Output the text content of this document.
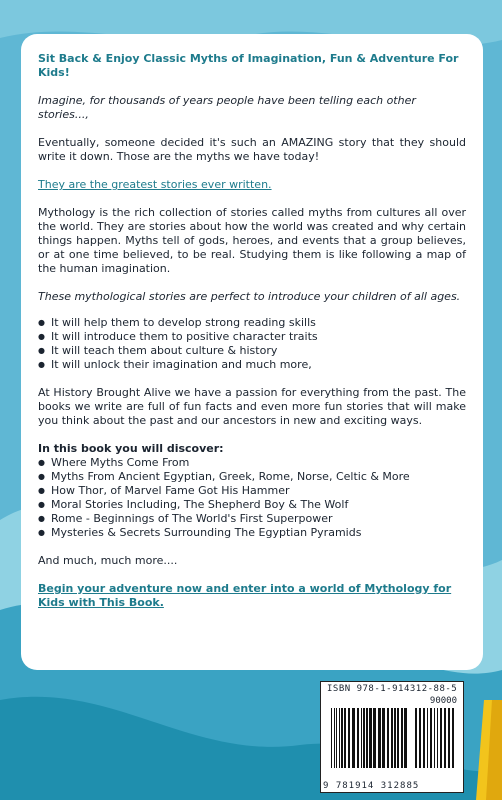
Sit Back & Enjoy Classic Myths of Imagination, Fun & Adventure For Kids!

Imagine, for thousands of years people have been telling each other stories...,

Eventually, someone decided it's such an AMAZING story that they should write it down. Those are the myths we have today!

They are the greatest stories ever written.

Mythology is the rich collection of stories called myths from cultures all over the world. They are stories about how the world was created and why certain things happen. Myths tell of gods, heroes, and events that a group believes, or at one time believed, to be real. Studying them is like following a map of the human imagination.

These mythological stories are perfect to introduce your children of all ages.

● It will help them to develop strong reading skills
● It will introduce them to positive character traits
● It will teach them about culture & history
● It will unlock their imagination and much more,

At History Brought Alive we have a passion for everything from the past. The books we write are full of fun facts and even more fun stories that will make you think about the past and our ancestors in new and exciting ways.

In this book you will discover:

● Where Myths Come From
● Myths From Ancient Egyptian, Greek, Rome, Norse, Celtic & More
● How Thor, of Marvel Fame Got His Hammer
● Moral Stories Including, The Shepherd Boy & The Wolf
● Rome - Beginnings of The World's First Superpower
● Mysteries & Secrets Surrounding The Egyptian Pyramids

And much, much more....

Begin your adventure now and enter into a world of Mythology for Kids with This Book.

ISBN 978-1-914312-88-5
90000
9 781914 312885
